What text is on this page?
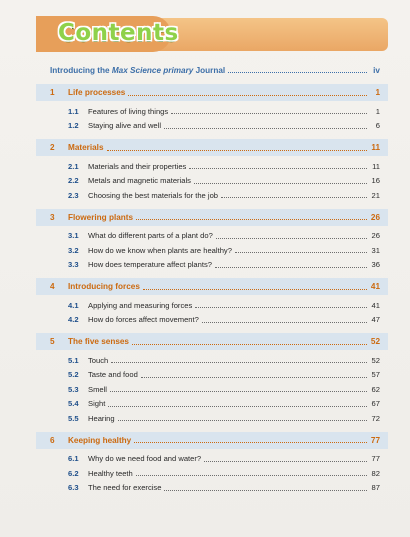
Contents
Introducing the Max Science primary Journal	iv
1	Life processes	1
1.1	Features of living things	1
1.2	Staying alive and well	6
2	Materials	11
2.1	Materials and their properties	11
2.2	Metals and magnetic materials	16
2.3	Choosing the best materials for the job	21
3	Flowering plants	26
3.1	What do different parts of a plant do?	26
3.2	How do we know when plants are healthy?	31
3.3	How does temperature affect plants?	36
4	Introducing forces	41
4.1	Applying and measuring forces	41
4.2	How do forces affect movement?	47
5	The five senses	52
5.1	Touch	52
5.2	Taste and food	57
5.3	Smell	62
5.4	Sight	67
5.5	Hearing	72
6	Keeping healthy	77
6.1	Why do we need food and water?	77
6.2	Healthy teeth	82
6.3	The need for exercise	87
